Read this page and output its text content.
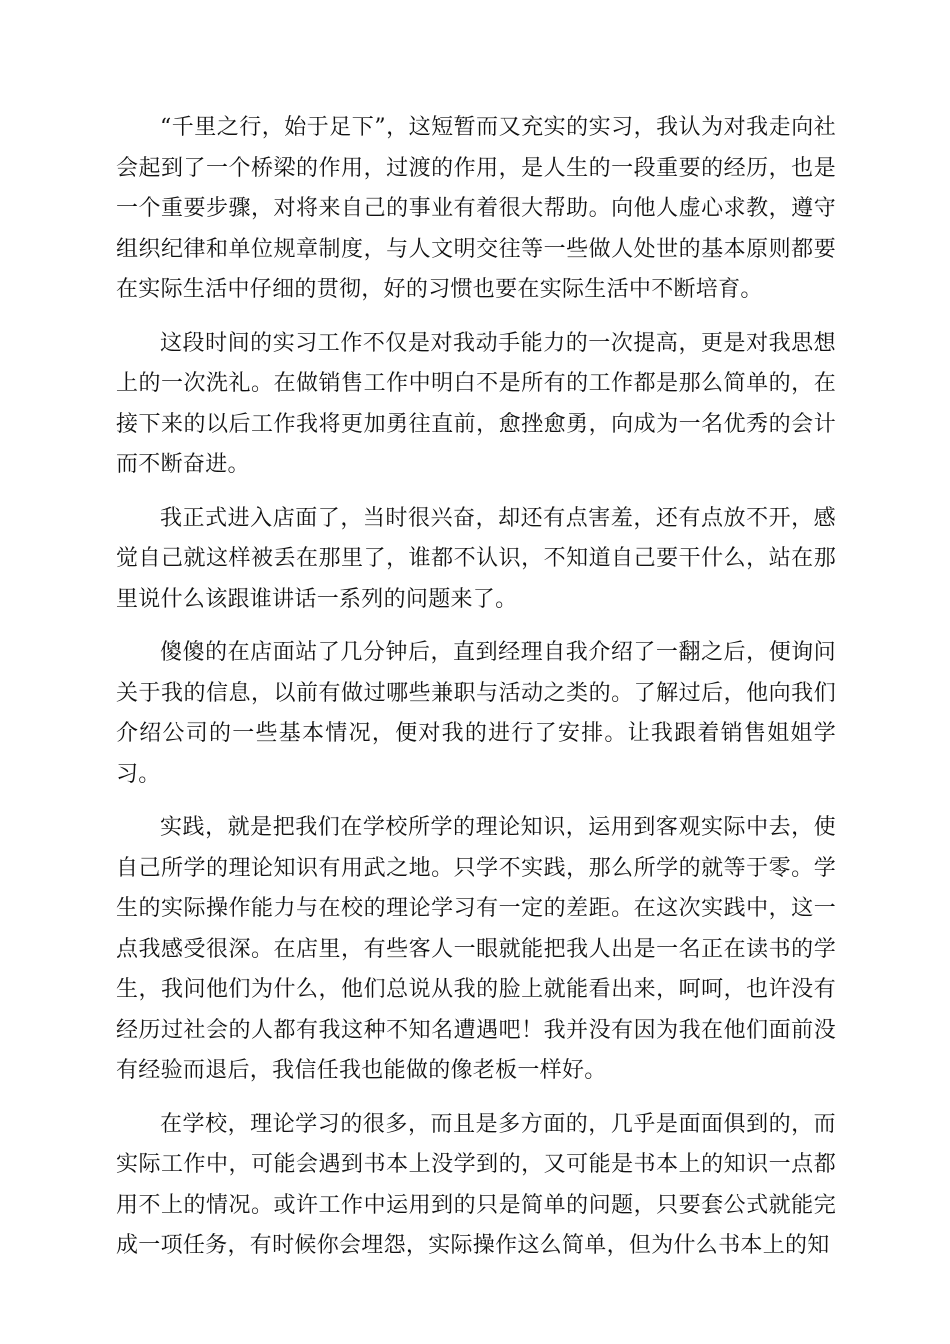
“千里之行，始于足下”，这短暂而又充实的实习，我认为对我走向社会起到了一个桥梁的作用，过渡的作用，是人生的一段重要的经历，也是一个重要步骤，对将来自己的事业有着很大帮助。向他人虚心求教，遵守组织纪律和单位规章制度，与人文明交往等一些做人处世的基本原则都要在实际生活中仔细的贯彻，好的习惯也要在实际生活中不断培育。

这段时间的实习工作不仅是对我动手能力的一次提高，更是对我思想上的一次洗礼。在做销售工作中明白不是所有的工作都是那么简单的，在接下来的以后工作我将更加勇往直前，愈挫愈勇，向成为一名优秀的会计而不断奋进。

我正式进入店面了，当时很兴奋，却还有点害羞，还有点放不开，感觉自己就这样被丢在那里了，谁都不认识，不知道自己要干什么，站在那里说什么该跟谁讲话一系列的问题来了。

傻傻的在店面站了几分钟后，直到经理自我介绍了一翻之后，便询问关于我的信息，以前有做过哪些兼职与活动之类的。了解过后，他向我们介绍公司的一些基本情况，便对我的进行了安排。让我跟着销售姐姐学习。

实践，就是把我们在学校所学的理论知识，运用到客观实际中去，使自己所学的理论知识有用武之地。只学不实践，那么所学的就等于零。学生的实际操作能力与在校的理论学习有一定的差距。在这次实践中，这一点我感受很深。在店里，有些客人一眼就能把我人出是一名正在读书的学生，我问他们为什么，他们总说从我的脸上就能看出来，呵呵，也许没有经历过社会的人都有我这种不知名遭遇吧！我并没有因为我在他们面前没有经验而退后，我信任我也能做的像老板一样好。

在学校，理论学习的很多，而且是多方面的，几乎是面面俱到的，而实际工作中，可能会遇到书本上没学到的，又可能是书本上的知识一点都用不上的情况。或许工作中运用到的只是简单的问题，只要套公式就能完成一项任务，有时候你会埋怨，实际操作这么简单，但为什么书本上的知
